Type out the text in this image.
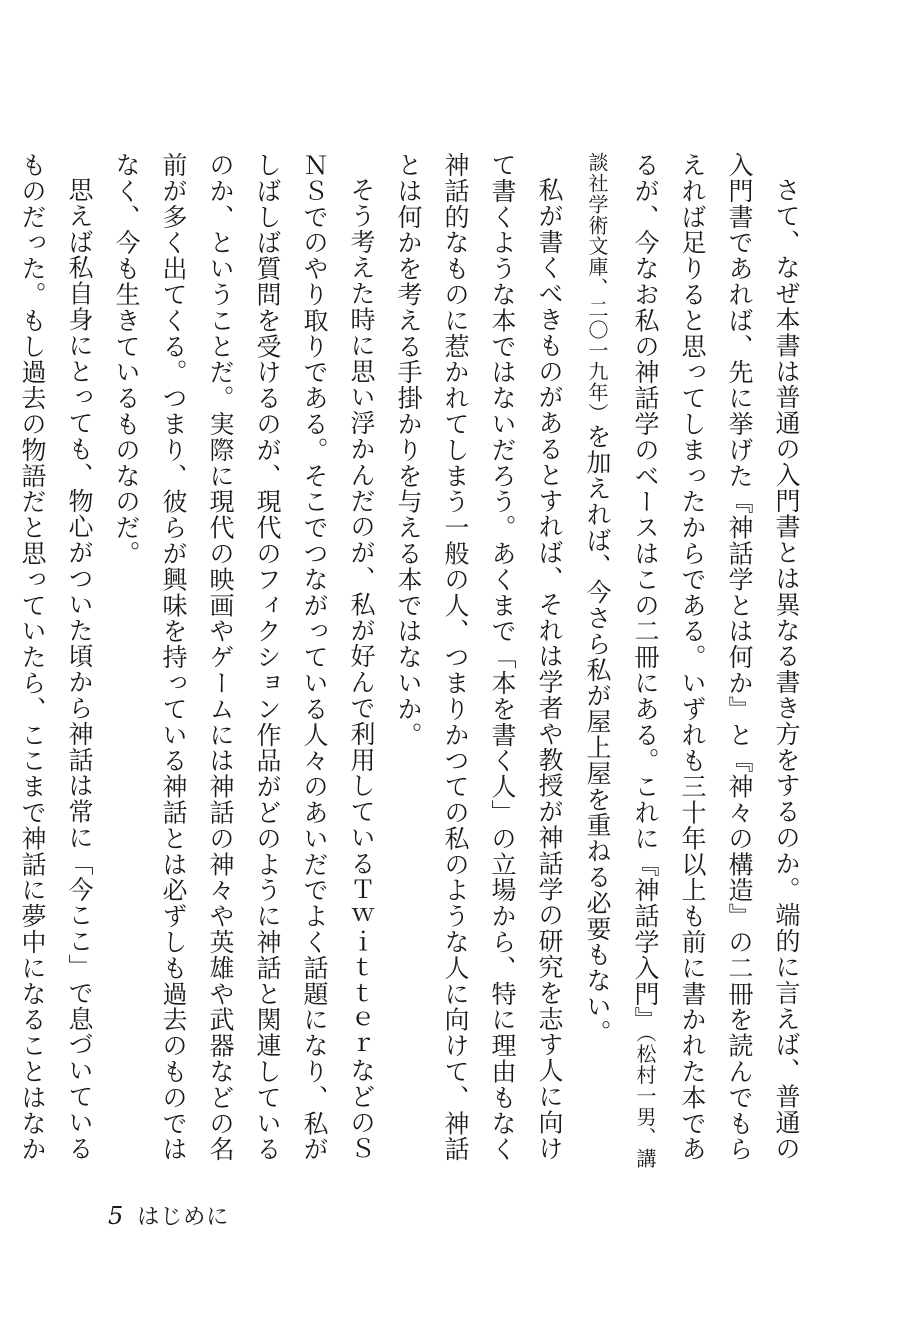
さて、なぜ本書は普通の入門書とは異なる書き方をするのか。端的に言えば、普通の入門書であれば、先に挙げた『神話学とは何か』と『神々の構造』の二冊を読んでもらえれば足りると思ってしまったからである。いずれも三十年以上も前に書かれた本であるが、今なお私の神話学のベースはこの二冊にある。これに『神話学入門』（松村一男、講談社学術文庫、二〇一九年）を加えれば、今さら私が屋上屋を重ねる必要もない。

私が書くべきものがあるとすれば、それは学者や教授が神話学の研究を志す人に向けて書くような本ではないだろう。あくまで「本を書く人」の立場から、特に理由もなく神話的なものに惹かれてしまう一般の人、つまりかつての私のような人に向けて、神話とは何かを考える手掛かりを与える本ではないか。

そう考えた時に思い浮かんだのが、私が好んで利用しているＴｗｉｔｔｅｒなどのＳＮＳでのやり取りである。そこでつながっている人々のあいだでよく話題になり、私がしばしば質問を受けるのが、現代のフィクション作品がどのように神話と関連しているのか、ということだ。実際に現代の映画やゲームには神話の神々や英雄や武器などの名前が多く出てくる。つまり、彼らが興味を持っている神話とは必ずしも過去のものではなく、今も生きているものなのだ。

思えば私自身にとっても、物心がついた頃から神話は常に「今ここ」で息づいているものだった。もし過去の物語だと思っていたら、ここまで神話に夢中になることはなか

5 はじめに
